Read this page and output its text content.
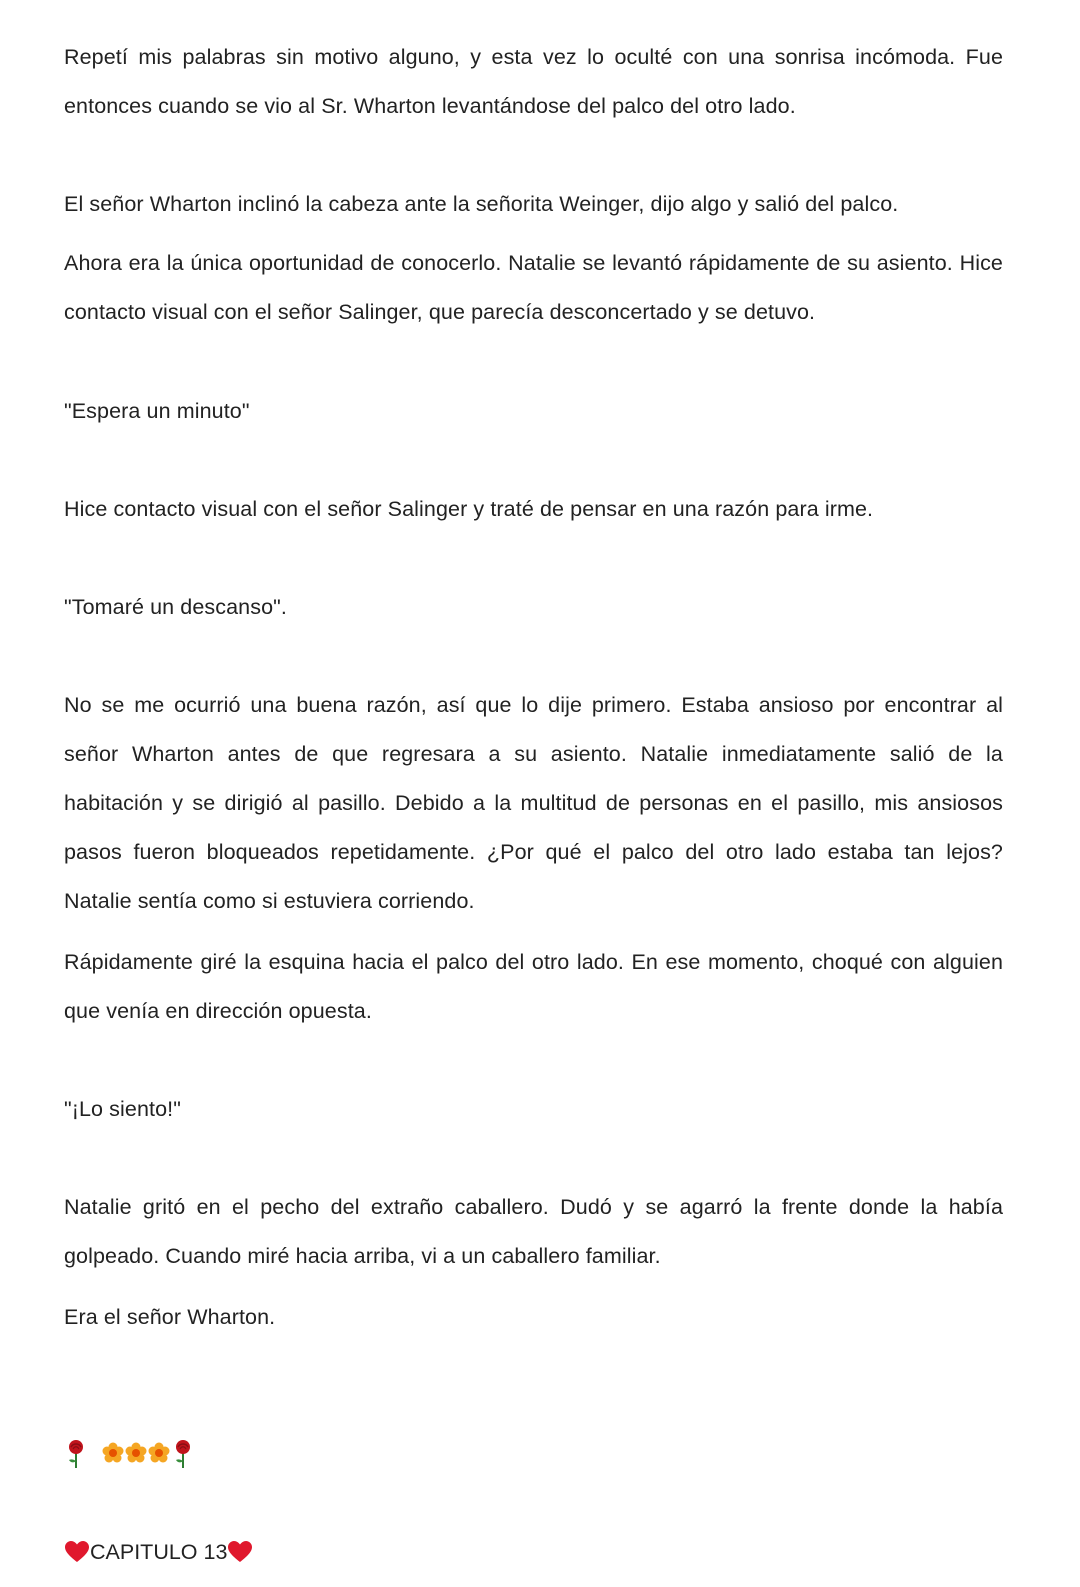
Repetí mis palabras sin motivo alguno, y esta vez lo oculté con una sonrisa incómoda. Fue entonces cuando se vio al Sr. Wharton levantándose del palco del otro lado.

El señor Wharton inclinó la cabeza ante la señorita Weinger, dijo algo y salió del palco.

Ahora era la única oportunidad de conocerlo. Natalie se levantó rápidamente de su asiento. Hice contacto visual con el señor Salinger, que parecía desconcertado y se detuvo.

"Espera un minuto"

Hice contacto visual con el señor Salinger y traté de pensar en una razón para irme.

"Tomaré un descanso".

No se me ocurrió una buena razón, así que lo dije primero. Estaba ansioso por encontrar al señor Wharton antes de que regresara a su asiento. Natalie inmediatamente salió de la habitación y se dirigió al pasillo. Debido a la multitud de personas en el pasillo, mis ansiosos pasos fueron bloqueados repetidamente. ¿Por qué el palco del otro lado estaba tan lejos? Natalie sentía como si estuviera corriendo.

Rápidamente giré la esquina hacia el palco del otro lado. En ese momento, choqué con alguien que venía en dirección opuesta.

"¡Lo siento!"

Natalie gritó en el pecho del extraño caballero. Dudó y se agarró la frente donde la había golpeado. Cuando miré hacia arriba, vi a un caballero familiar.

Era el señor Wharton.

CAPITULO 13
